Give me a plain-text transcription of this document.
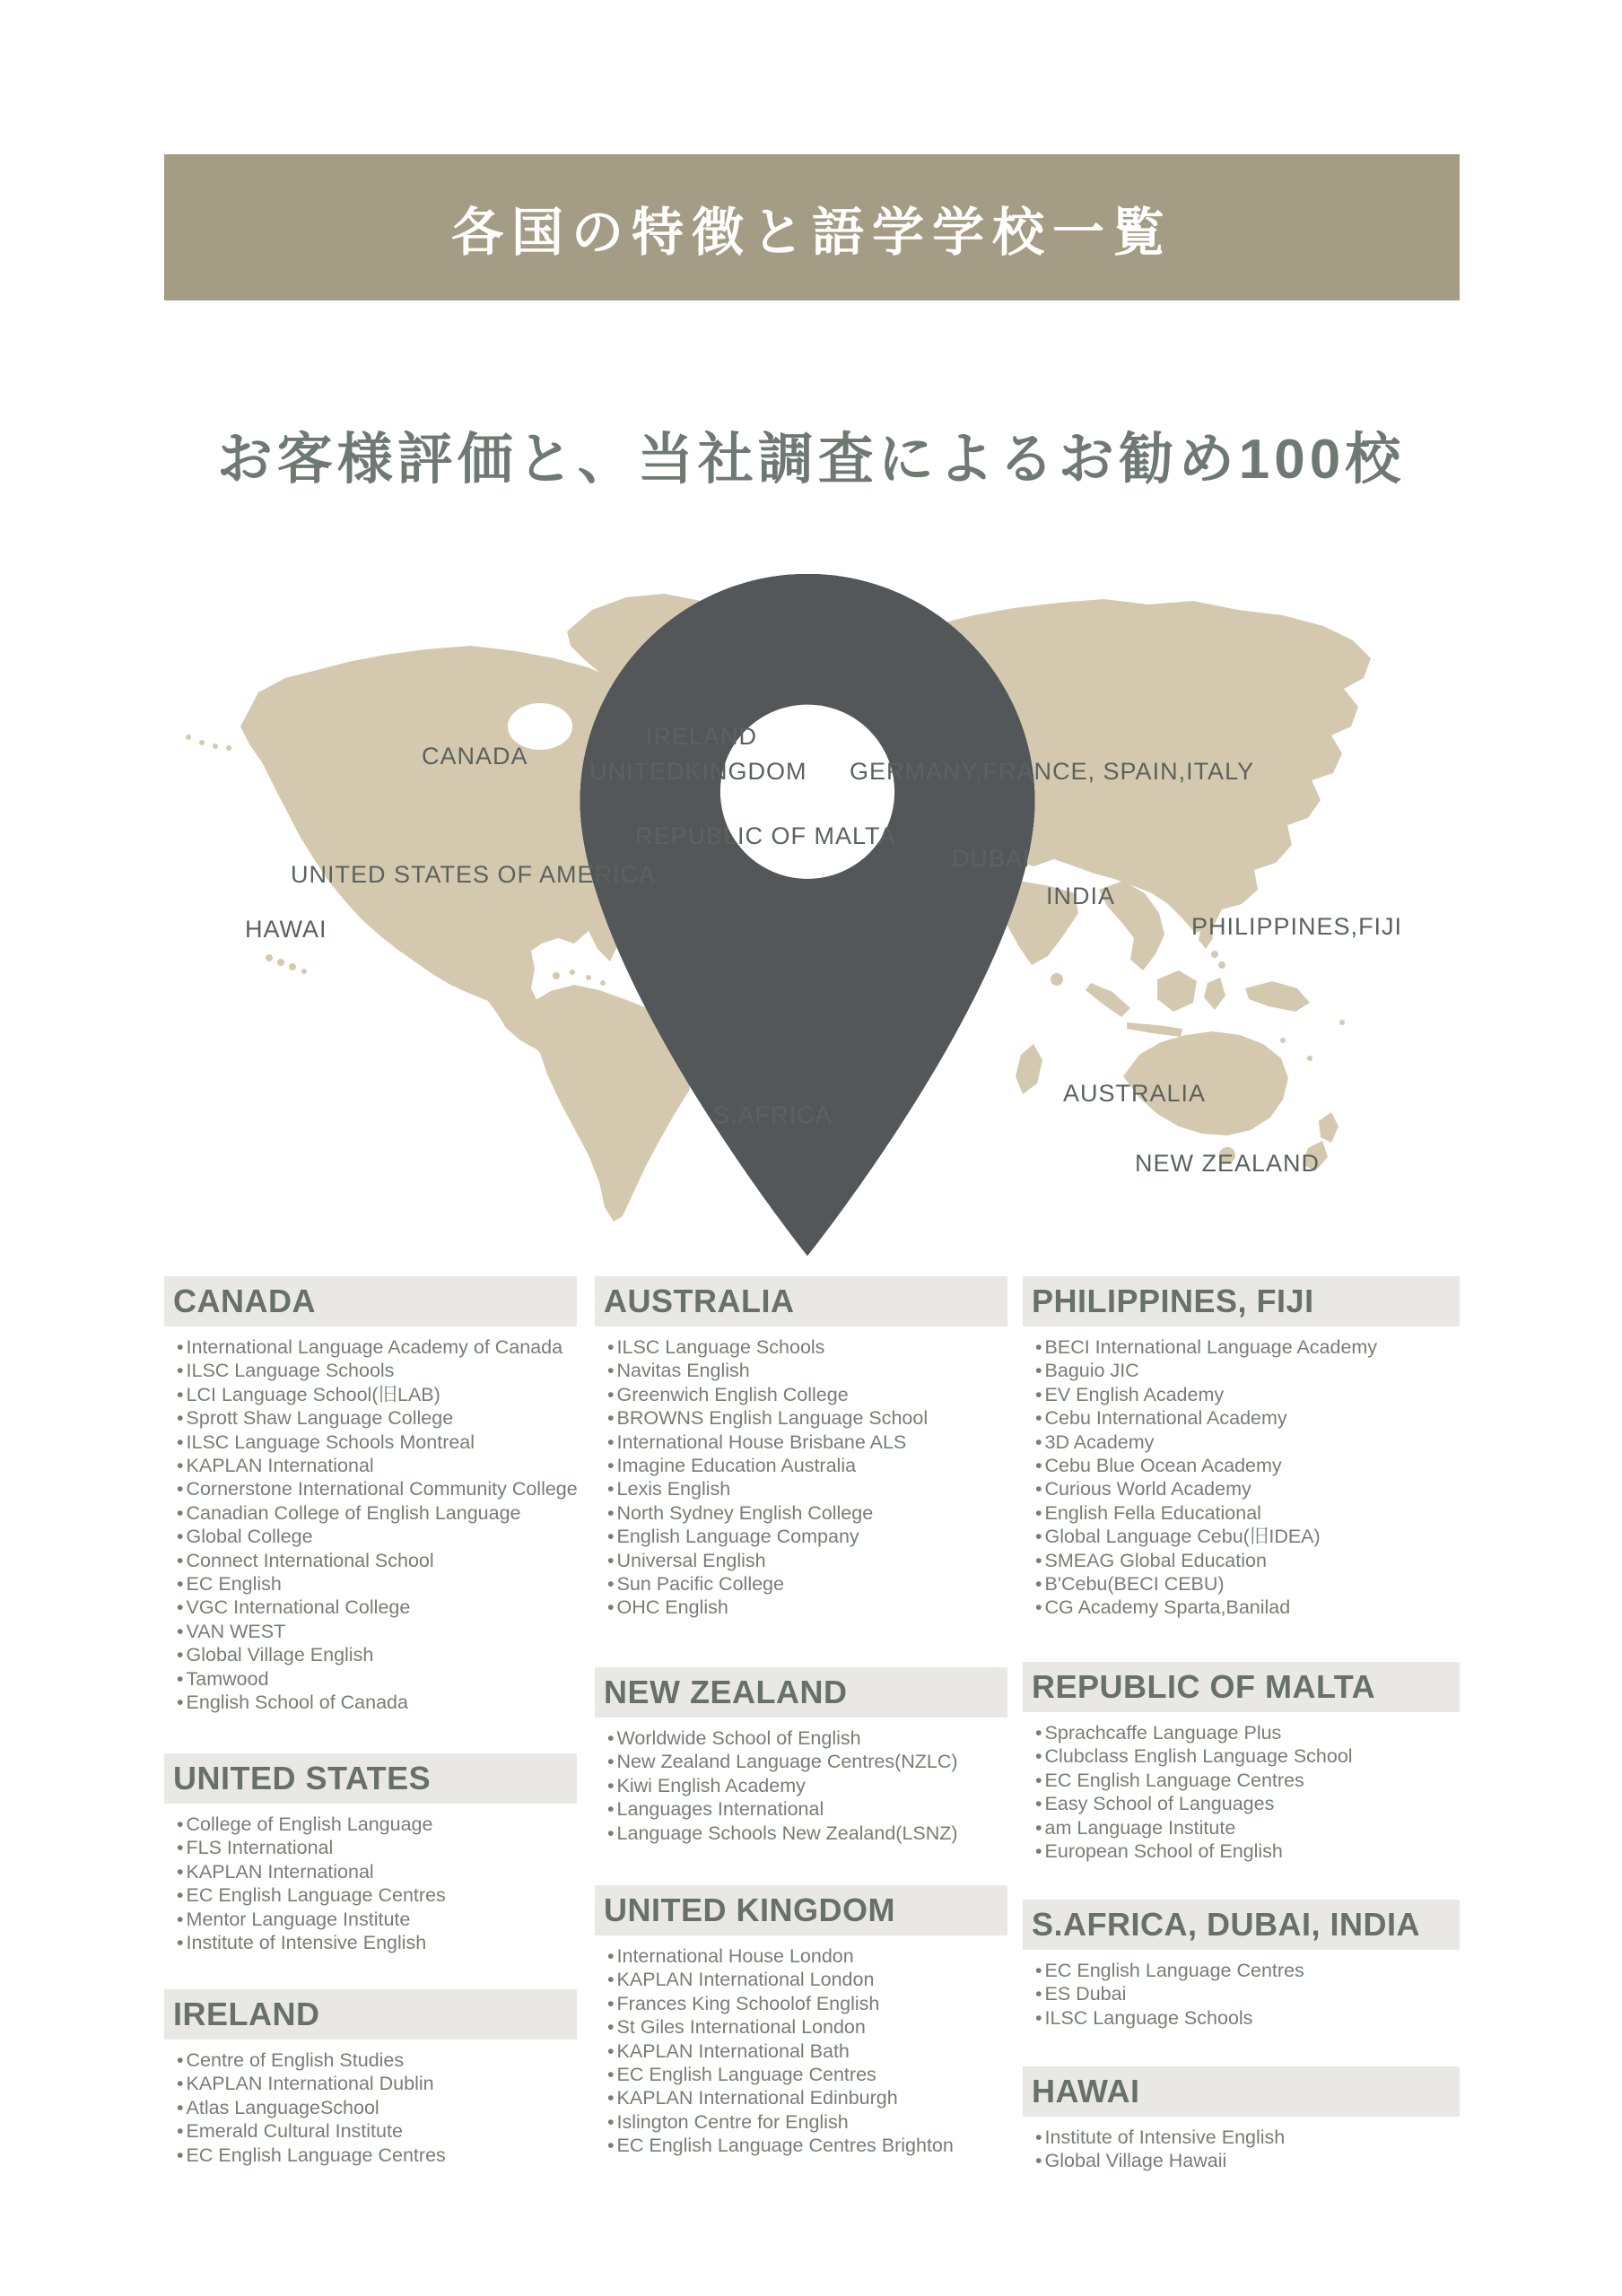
各国の特徴と語学学校一覧
お客様評価と、当社調査によるお勧め100校
CANADA
UNITED STATES OF AMERICA
HAWAI
IRELAND
UNITEDKINGDOM GERMANY,FRANCE, SPAIN,ITALY
REPUBLIC OF MALTA
DUBAI
INDIA
PHILIPPINES,FIJI
S.AFRICA
AUSTRALIA
NEW ZEALAND
CANADA
• International Language Academy of Canada
• ILSC Language Schools
• LCI Language School(旧LAB)
• Sprott Shaw Language College
• ILSC Language Schools Montreal
• KAPLAN International
• Cornerstone International Community College
• Canadian College of English Language
• Global College
• Connect International School
• EC English
• VGC International College
• VAN WEST
• Global Village English
• Tamwood
• English School of Canada
UNITED STATES
• College of English Language
• FLS International
• KAPLAN International
• EC English Language Centres
• Mentor Language Institute
• Institute of Intensive English
IRELAND
• Centre of English Studies
• KAPLAN International Dublin
• Atlas LanguageSchool
• Emerald Cultural Institute
• EC English Language Centres
AUSTRALIA
• ILSC Language Schools
• Navitas English
• Greenwich English College
• BROWNS English Language School
• International House Brisbane ALS
• Imagine Education Australia
• Lexis English
• North Sydney English College
• English Language Company
• Universal English
• Sun Pacific College
• OHC English
NEW ZEALAND
• Worldwide School of English
• New Zealand Language Centres(NZLC)
• Kiwi English Academy
• Languages International
• Language Schools New Zealand(LSNZ)
UNITED KINGDOM
• International House London
• KAPLAN International London
• Frances King Schoolof English
• St Giles International London
• KAPLAN International Bath
• EC English Language Centres
• KAPLAN International Edinburgh
• Islington Centre for English
• EC English Language Centres Brighton
PHILIPPINES, FIJI
• BECI International Language Academy
• Baguio JIC
• EV English Academy
• Cebu International Academy
• 3D Academy
• Cebu Blue Ocean Academy
• Curious World Academy
• English Fella Educational
• Global Language Cebu(旧IDEA)
• SMEAG Global Education
• B'Cebu(BECI CEBU)
• CG Academy Sparta,Banilad
REPUBLIC OF MALTA
• Sprachcaffe Language Plus
• Clubclass English Language School
• EC English Language Centres
• Easy School of Languages
• am Language Institute
• European School of English
S.AFRICA, DUBAI, INDIA
• EC English Language Centres
• ES Dubai
• ILSC Language Schools
HAWAI
• Institute of Intensive English
• Global Village Hawaii
